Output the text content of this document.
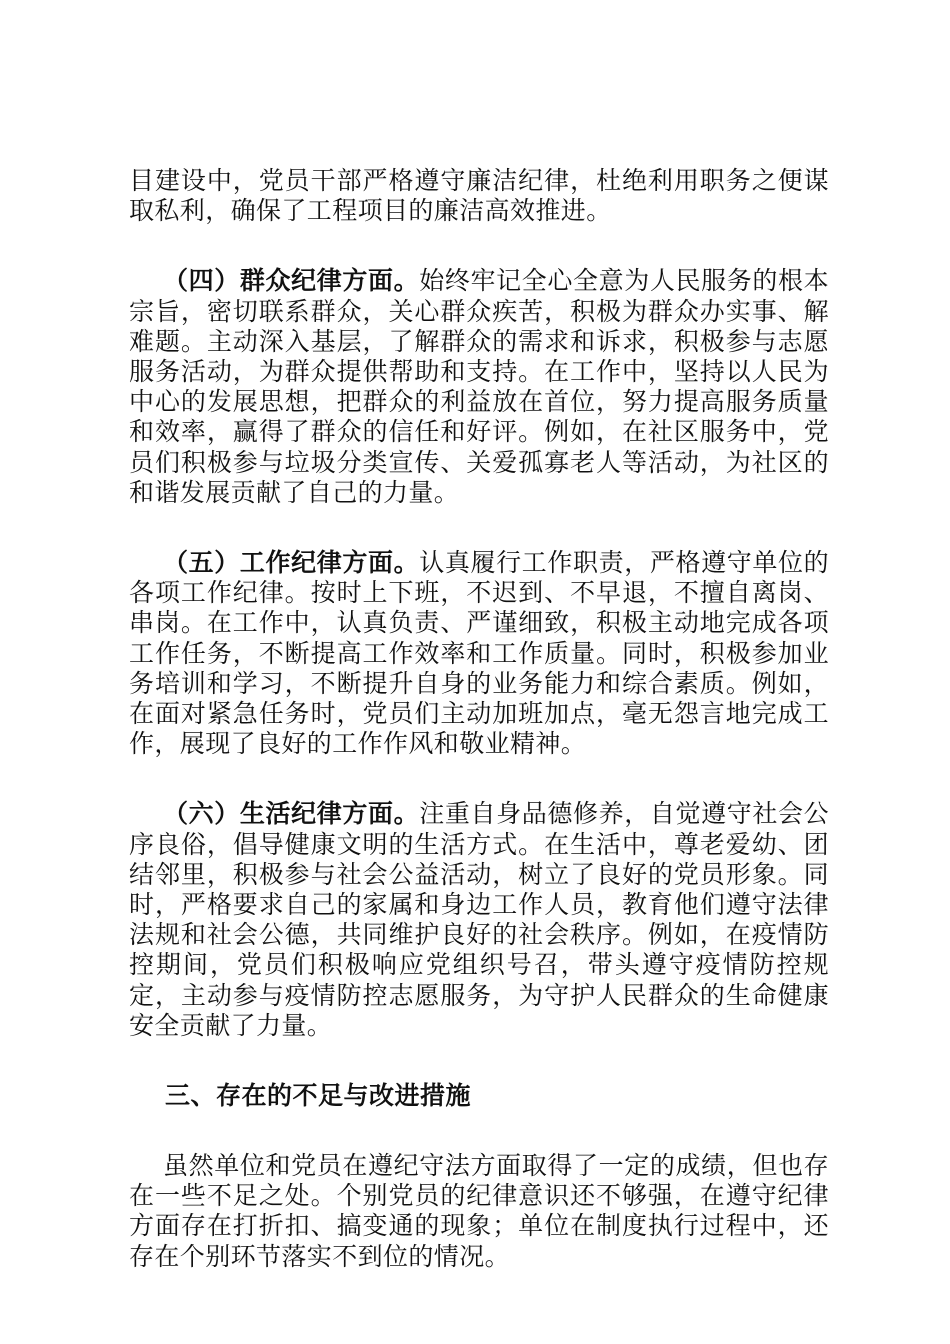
目建设中，党员干部严格遵守廉洁纪律，杜绝利用职务之便谋取私利，确保了工程项目的廉洁高效推进。

（四）群众纪律方面。始终牢记全心全意为人民服务的根本宗旨，密切联系群众，关心群众疾苦，积极为群众办实事、解难题。主动深入基层，了解群众的需求和诉求，积极参与志愿服务活动，为群众提供帮助和支持。在工作中，坚持以人民为中心的发展思想，把群众的利益放在首位，努力提高服务质量和效率，赢得了群众的信任和好评。例如，在社区服务中，党员们积极参与垃圾分类宣传、关爱孤寡老人等活动，为社区的和谐发展贡献了自己的力量。

（五）工作纪律方面。认真履行工作职责，严格遵守单位的各项工作纪律。按时上下班，不迟到、不早退，不擅自离岗、串岗。在工作中，认真负责、严谨细致，积极主动地完成各项工作任务，不断提高工作效率和工作质量。同时，积极参加业务培训和学习，不断提升自身的业务能力和综合素质。例如，在面对紧急任务时，党员们主动加班加点，毫无怨言地完成工作，展现了良好的工作作风和敬业精神。

（六）生活纪律方面。注重自身品德修养，自觉遵守社会公序良俗，倡导健康文明的生活方式。在生活中，尊老爱幼、团结邻里，积极参与社会公益活动，树立了良好的党员形象。同时，严格要求自己的家属和身边工作人员，教育他们遵守法律法规和社会公德，共同维护良好的社会秩序。例如，在疫情防控期间，党员们积极响应党组织号召，带头遵守疫情防控规定，主动参与疫情防控志愿服务，为守护人民群众的生命健康安全贡献了力量。

三、存在的不足与改进措施

虽然单位和党员在遵纪守法方面取得了一定的成绩，但也存在一些不足之处。个别党员的纪律意识还不够强，在遵守纪律方面存在打折扣、搞变通的现象；单位在制度执行过程中，还存在个别环节落实不到位的情况。
